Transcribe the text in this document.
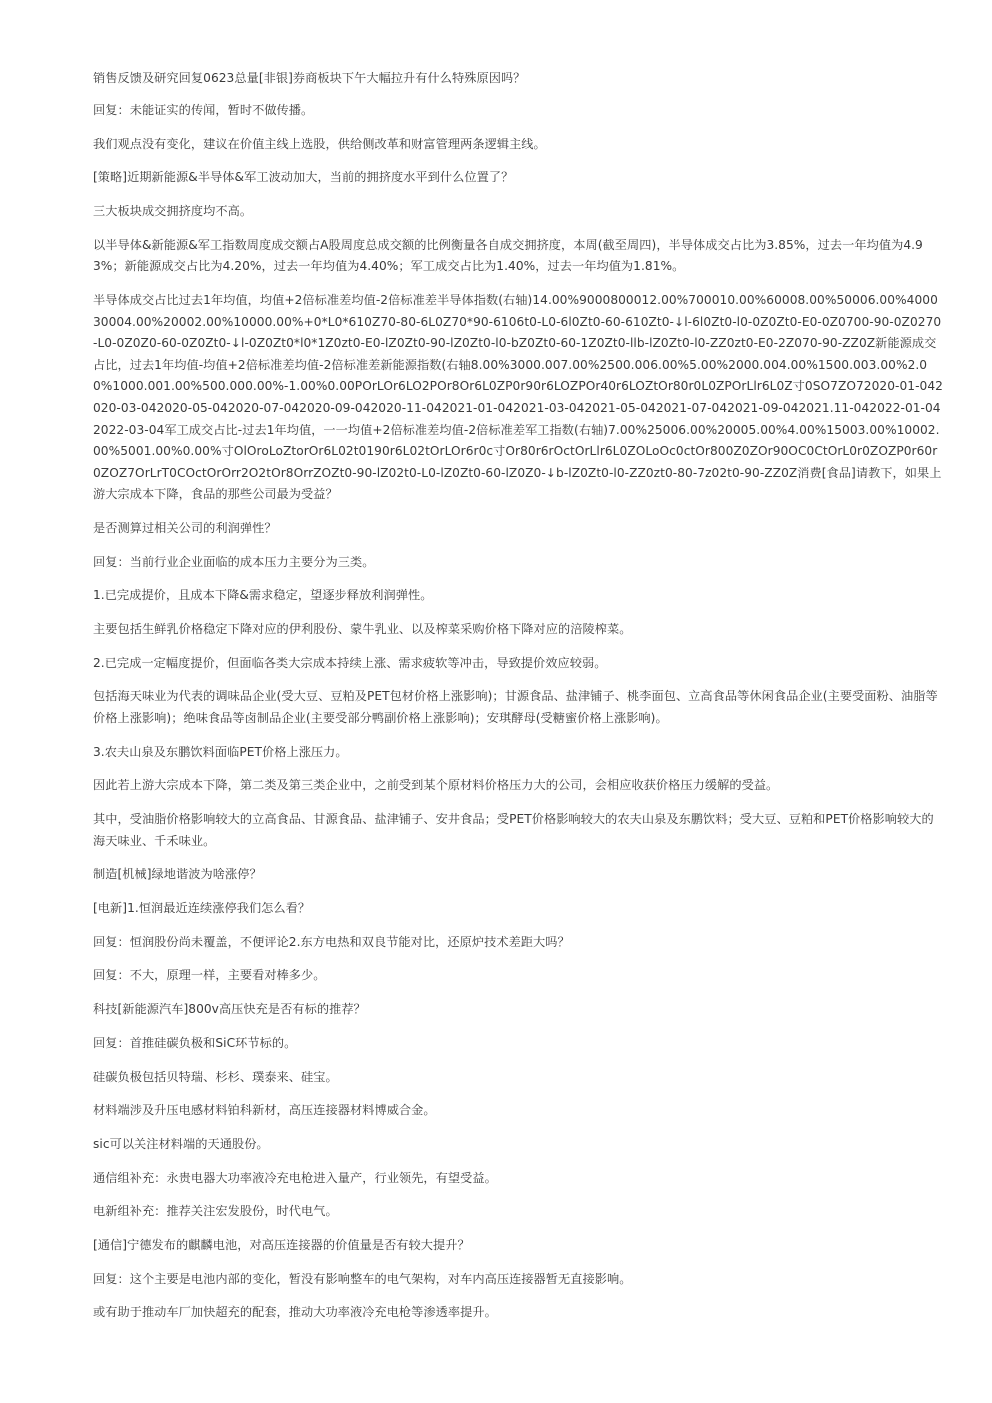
销售反馈及研究回复0623总量[非银]券商板块下午大幅拉升有什么特殊原因吗？

回复：未能证实的传闻，暂时不做传播。

我们观点没有变化，建议在价值主线上选股，供给侧改革和财富管理两条逻辑主线。

[策略]近期新能源&半导体&军工波动加大，当前的拥挤度水平到什么位置了？

三大板块成交拥挤度均不高。

以半导体&新能源&军工指数周度成交额占A股周度总成交额的比例衡量各自成交拥挤度，本周(截至周四)，半导体成交占比为3.85%，过去一年均值为4.93%；新能源成交占比为4.20%，过去一年均值为4.40%；军工成交占比为1.40%，过去一年均值为1.81%。

半导体成交占比过去1年均值，均值+2倍标准差均值-2倍标准差半导体指数(右轴)14.00%9000800012.00%700010.00%60008.00%50006.00%400030004.00%20002.00%10000.00%+0*L0*610Z70-80-6L0Z70*90-6106t0-L0-6l0Zt0-60-610Zt0-↓l-6l0Zt0-l0-0Z0Zt0-E0-0Z0700-90-0Z0270-L0-0Z0Z0-60-0Z0Zt0-↓l-0Z0Zt0*l0*1Z0zt0-E0-lZ0Zt0-90-lZ0Zt0-l0-bZ0Zt0-60-1Z0Zt0-llb-lZ0Zt0-l0-ZZ0zt0-E0-2Z070-90-ZZ0Z新能源成交占比，过去1年均值-均值+2倍标准差均值-2倍标准差新能源指数(右轴8.00%3000.007.00%2500.006.00%5.00%2000.004.00%1500.003.00%2.00%1000.001.00%500.000.00%-1.00%0.00POrLOr6LO2POr8Or6L0ZP0r90r6LOZPOr40r6LOZtOr80r0L0ZPOrLlr6L0Z寸0SO7ZO72020-01-042020-03-042020-05-042020-07-042020-09-042020-11-042021-01-042021-03-042021-05-042021-07-042021-09-042021.11-042022-01-042022-03-04军工成交占比-过去1年均值，一一均值+2倍标准差均值-2倍标准差军工指数(右轴)7.00%25006.00%20005.00%4.00%15003.00%10002.00%5001.00%0.00%寸OlOroLoZtorOr6L02t0190r6L02tOrLOr6r0c寸Or80r6rOctOrLlr6L0ZOLoOc0ctOr800Z0ZOr90OC0CtOrL0r0ZOZP0r60r0ZOZ7OrLrT0COctOrOrr2O2tOr8OrrZOZt0-90-lZ02t0-L0-lZ0Zt0-60-lZ0Z0-↓b-lZ0Zt0-l0-ZZ0zt0-80-7z02t0-90-ZZ0Z消费[食品]请教下，如果上游大宗成本下降，食品的那些公司最为受益？

是否测算过相关公司的利润弹性？

回复：当前行业企业面临的成本压力主要分为三类。

1.已完成提价，且成本下降&需求稳定，望逐步释放利润弹性。

主要包括生鲜乳价格稳定下降对应的伊利股份、蒙牛乳业、以及榨菜采购价格下降对应的涪陵榨菜。

2.已完成一定幅度提价，但面临各类大宗成本持续上涨、需求疲软等冲击，导致提价效应较弱。

包括海天味业为代表的调味品企业(受大豆、豆粕及PET包材价格上涨影响)；甘源食品、盐津铺子、桃李面包、立高食品等休闲食品企业(主要受面粉、油脂等价格上涨影响)；绝味食品等卤制品企业(主要受部分鸭副价格上涨影响)；安琪酵母(受糖蜜价格上涨影响)。

3.农夫山泉及东鹏饮料面临PET价格上涨压力。

因此若上游大宗成本下降，第二类及第三类企业中，之前受到某个原材料价格压力大的公司，会相应收获价格压力缓解的受益。

其中，受油脂价格影响较大的立高食品、甘源食品、盐津铺子、安井食品；受PET价格影响较大的农夫山泉及东鹏饮料；受大豆、豆粕和PET价格影响较大的海天味业、千禾味业。

制造[机械]绿地谐波为啥涨停？

[电新]1.恒润最近连续涨停我们怎么看？

回复：恒润股份尚未覆盖，不便评论2.东方电热和双良节能对比，还原炉技术差距大吗？

回复：不大，原理一样，主要看对棒多少。

科技[新能源汽车]800v高压快充是否有标的推荐？

回复：首推硅碳负极和SiC环节标的。

硅碳负极包括贝特瑞、杉杉、璞泰来、硅宝。

材料端涉及升压电感材料铂科新材，高压连接器材料博威合金。

sic可以关注材料端的天通股份。

通信组补充：永贵电器大功率液冷充电枪进入量产，行业领先，有望受益。

电新组补充：推荐关注宏发股份，时代电气。

[通信]宁德发布的麒麟电池，对高压连接器的价值量是否有较大提升？

回复：这个主要是电池内部的变化，暂没有影响整车的电气架构，对车内高压连接器暂无直接影响。

或有助于推动车厂加快超充的配套，推动大功率液冷充电枪等渗透率提升。
